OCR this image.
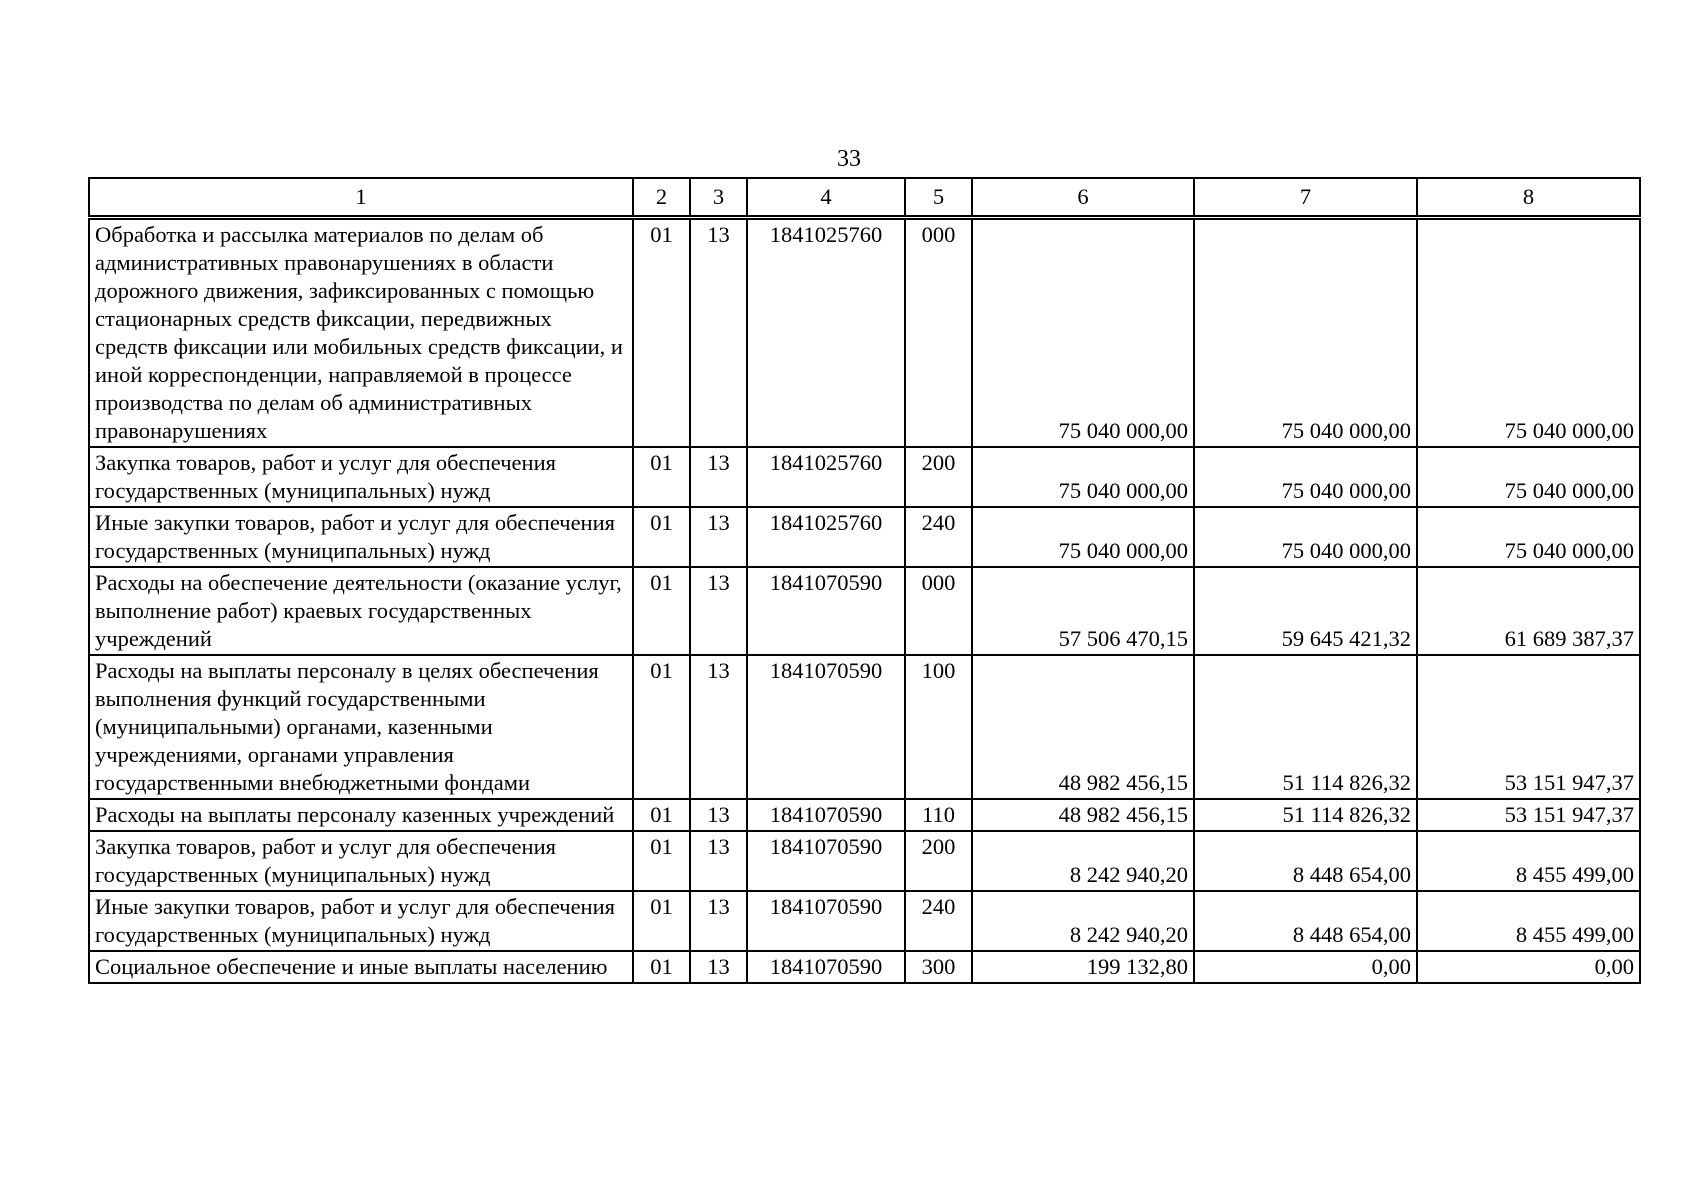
33
1	2	3	4	5	6	7	8
Обработка и рассылка материалов по делам об административных правонарушениях в области дорожного движения, зафиксированных с помощью стационарных средств фиксации, передвижных средств фиксации или мобильных средств фиксации, и иной корреспонденции, направляемой в процессе производства по делам об административных правонарушениях	01	13	1841025760	000	75 040 000,00	75 040 000,00	75 040 000,00
Закупка товаров, работ и услуг для обеспечения государственных (муниципальных) нужд	01	13	1841025760	200	75 040 000,00	75 040 000,00	75 040 000,00
Иные закупки товаров, работ и услуг для обеспечения государственных (муниципальных) нужд	01	13	1841025760	240	75 040 000,00	75 040 000,00	75 040 000,00
Расходы на обеспечение деятельности (оказание услуг, выполнение работ) краевых государственных учреждений	01	13	1841070590	000	57 506 470,15	59 645 421,32	61 689 387,37
Расходы на выплаты персоналу в целях обеспечения выполнения функций государственными (муниципальными) органами, казенными учреждениями, органами управления государственными внебюджетными фондами	01	13	1841070590	100	48 982 456,15	51 114 826,32	53 151 947,37
Расходы на выплаты персоналу казенных учреждений	01	13	1841070590	110	48 982 456,15	51 114 826,32	53 151 947,37
Закупка товаров, работ и услуг для обеспечения государственных (муниципальных) нужд	01	13	1841070590	200	8 242 940,20	8 448 654,00	8 455 499,00
Иные закупки товаров, работ и услуг для обеспечения государственных (муниципальных) нужд	01	13	1841070590	240	8 242 940,20	8 448 654,00	8 455 499,00
Социальное обеспечение и иные выплаты населению	01	13	1841070590	300	199 132,80	0,00	0,00
